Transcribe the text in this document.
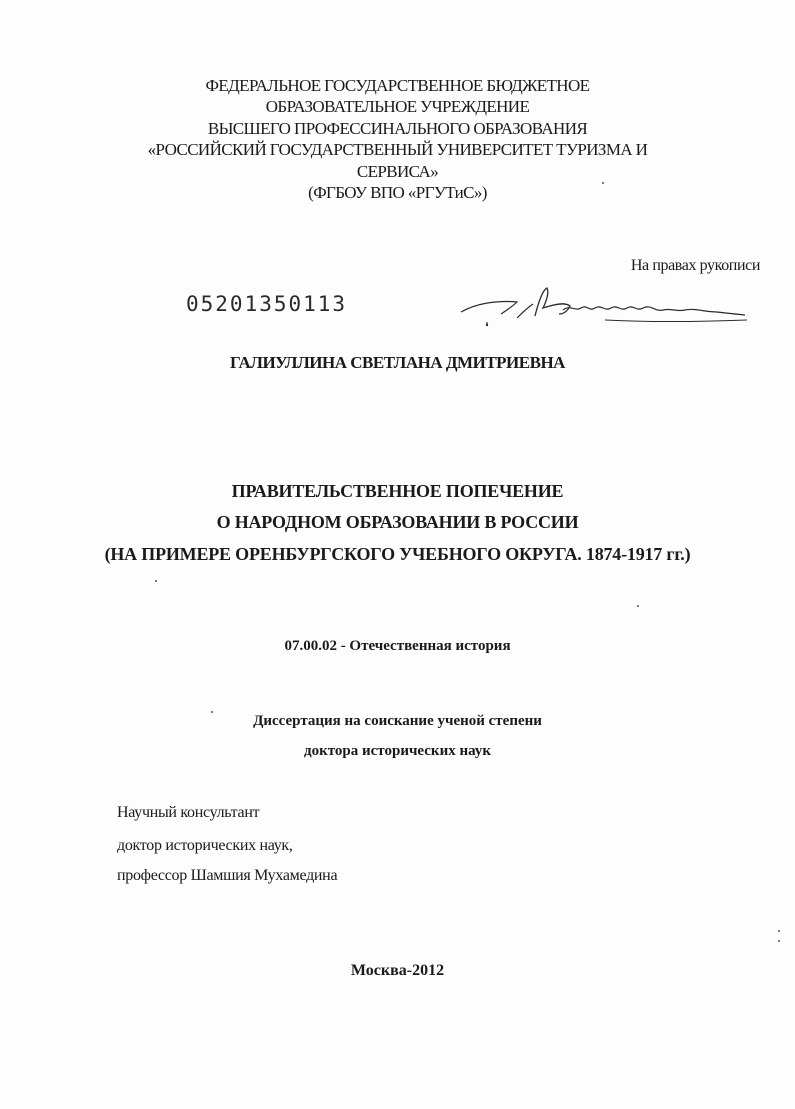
ФЕДЕРАЛЬНОЕ ГОСУДАРСТВЕННОЕ БЮДЖЕТНОЕ
ОБРАЗОВАТЕЛЬНОЕ УЧРЕЖДЕНИЕ
ВЫСШЕГО ПРОФЕССИНАЛЬНОГО ОБРАЗОВАНИЯ
«РОССИЙСКИЙ ГОСУДАРСТВЕННЫЙ УНИВЕРСИТЕТ ТУРИЗМА И
СЕРВИСА»
(ФГБОУ ВПО «РГУТиС»)
На правах рукописи
05201350113
ГАЛИУЛЛИНА СВЕТЛАНА ДМИТРИЕВНА
ПРАВИТЕЛЬСТВЕННОЕ ПОПЕЧЕНИЕ
О НАРОДНОМ ОБРАЗОВАНИИ В РОССИИ
(НА ПРИМЕРЕ ОРЕНБУРГСКОГО УЧЕБНОГО ОКРУГА. 1874-1917 гг.)
07.00.02 - Отечественная история
Диссертация на соискание ученой степени
доктора исторических наук
Научный консультант
доктор исторических наук,
профессор Шамшия Мухамедина
Москва-2012
